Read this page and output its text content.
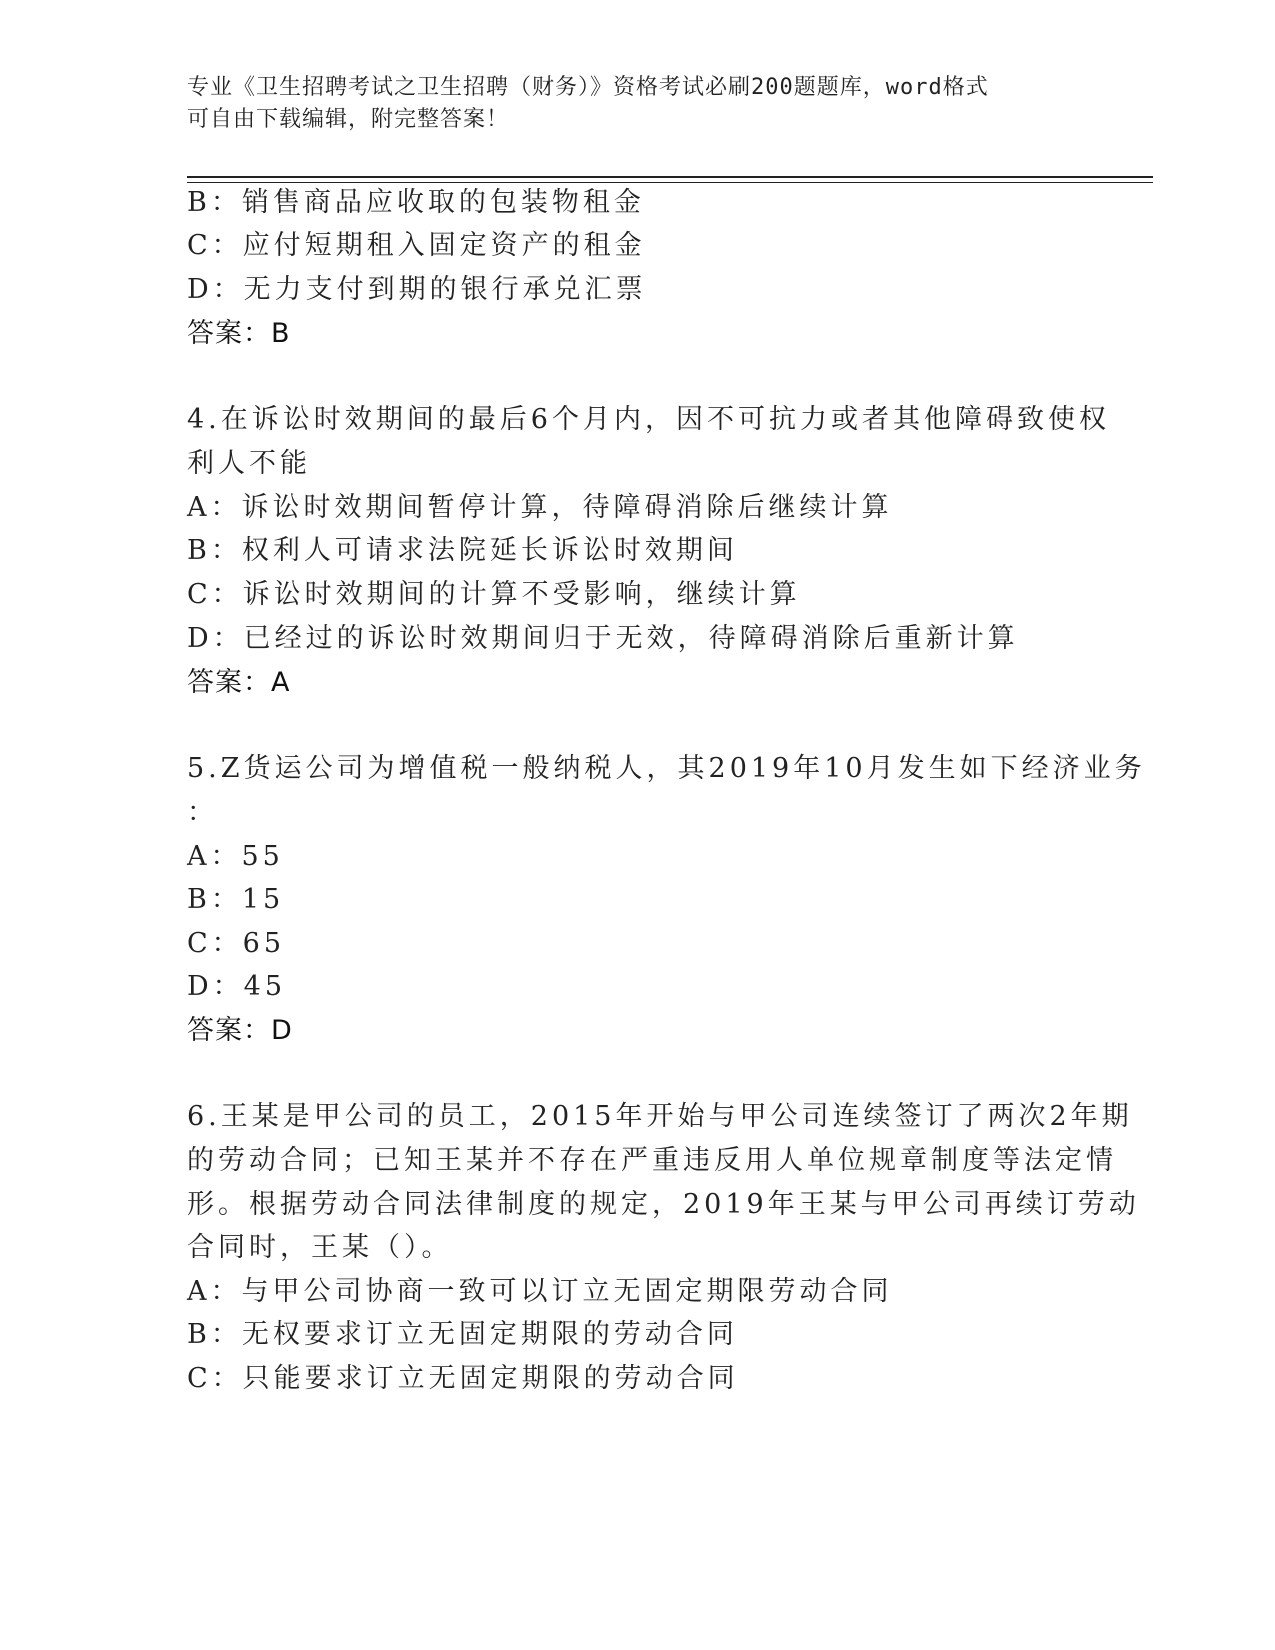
专业《卫生招聘考试之卫生招聘（财务）》资格考试必刷200题题库，word格式
可自由下载编辑，附完整答案！
B：销售商品应收取的包装物租金
C：应付短期租入固定资产的租金
D：无力支付到期的银行承兑汇票
答案：B
4.在诉讼时效期间的最后6个月内，因不可抗力或者其他障碍致使权
利人不能
A：诉讼时效期间暂停计算，待障碍消除后继续计算
B：权利人可请求法院延长诉讼时效期间
C：诉讼时效期间的计算不受影响，继续计算
D：已经过的诉讼时效期间归于无效，待障碍消除后重新计算
答案：A
5.Z货运公司为增值税一般纳税人，其2019年10月发生如下经济业务
：
A：55
B：15
C：65
D：45
答案：D
6.王某是甲公司的员工，2015年开始与甲公司连续签订了两次2年期
的劳动合同；已知王某并不存在严重违反用人单位规章制度等法定情
形。根据劳动合同法律制度的规定，2019年王某与甲公司再续订劳动
合同时，王某（）。
A：与甲公司协商一致可以订立无固定期限劳动合同
B：无权要求订立无固定期限的劳动合同
C：只能要求订立无固定期限的劳动合同
